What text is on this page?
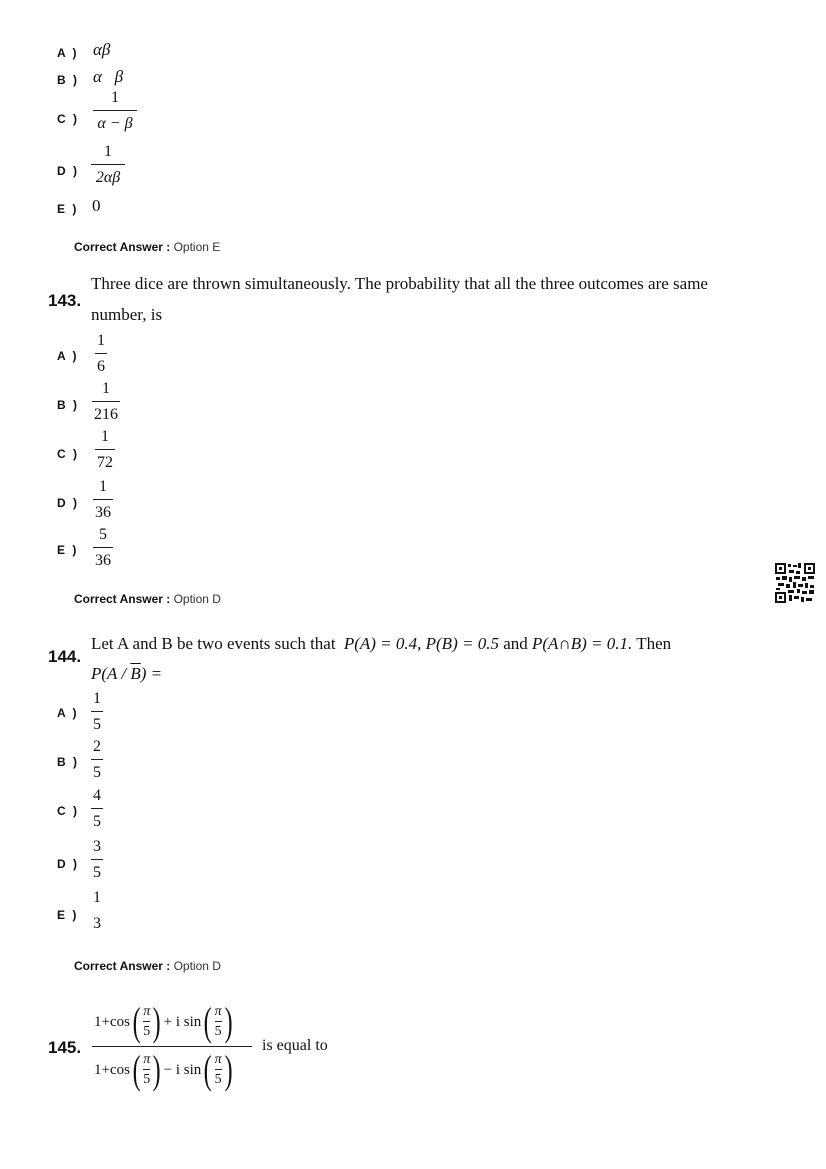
A ) αβ
B ) α   β
C )
1
α − β
D )
1
2αβ
E ) 0
Correct Answer : Option E
143.
Three dice are thrown simultaneously. The probability that all the three outcomes are same
number, is
A )
1
6
B )
1
216
C )
1
72
D )
1
36
E )
5
36
Correct Answer : Option D
144.
Let A and B be two events such that P(A) = 0.4, P(B) = 0.5 and P(A∩B) = 0.1. Then
$P(A / \overline{B})$ =
A )
1
5
B )
2
5
C )
4
5
D )
3
5
E )
1
3
Correct Answer : Option D
145.
1+cos ( π
5 ) + i sin ( π
5 )
1+cos ( π
5 ) − i sin ( π
5 )
is equal to
